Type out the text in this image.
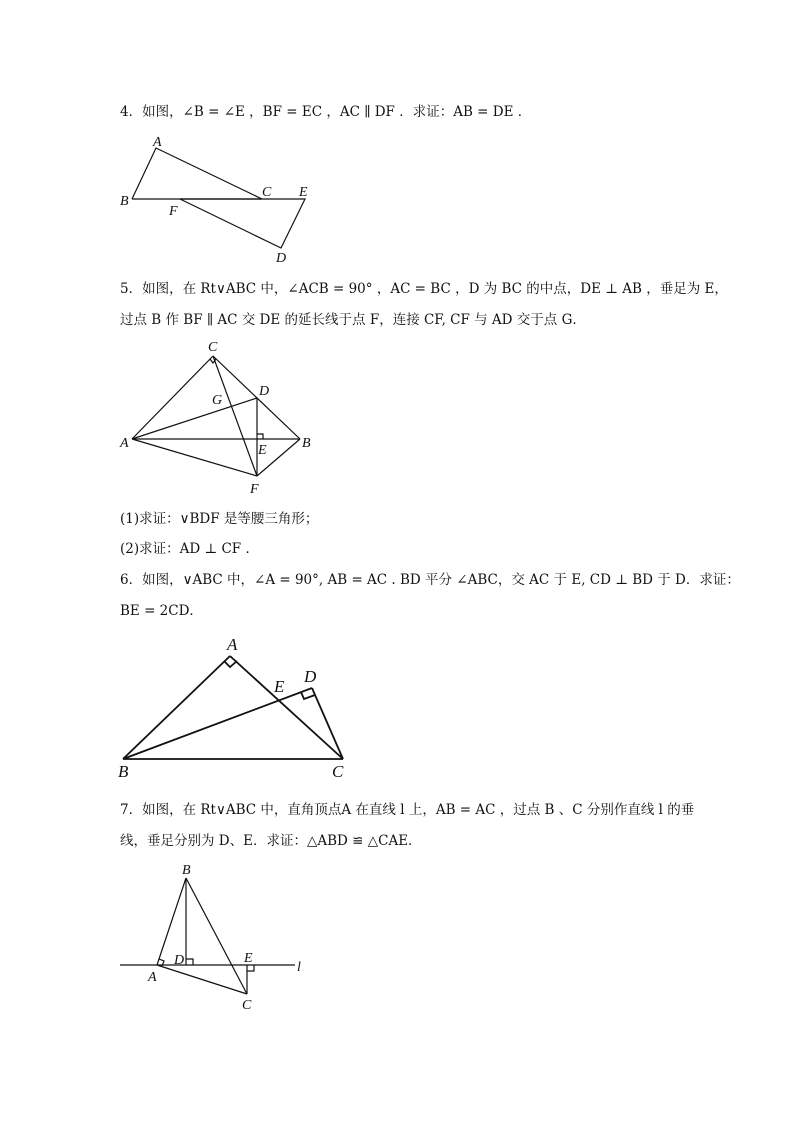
4．如图，∠B = ∠E ，BF = EC ，AC ∥ DF ．求证：AB = DE ．
A
B
C E
F
D
5．如图，在 Rt∨ABC 中，∠ACB = 90° ，AC = BC ，D 为 BC 的中点，DE ⊥ AB ，垂足为 E，
过点 B 作 BF ∥ AC 交 DE 的延长线于点 F，连接 CF, CF 与 AD 交于点 G．
C
D
G
A	B
E
F
(1)求证：∨BDF 是等腰三角形；
(2)求证：AD ⊥ CF ．
6．如图，∨ABC 中，∠A = 90°, AB = AC . BD 平分 ∠ABC，交 AC 于 E, CD ⊥ BD 于 D．求证：
BE = 2CD．
A
D
E
B	C
7．如图，在 Rt∨ABC 中，直角顶点A 在直线 l 上，AB = AC ，过点 B 、C 分别作直线 l 的垂
线，垂足分别为 D、E．求证：△ABD ≌ △CAE．
B
D	E
l
A
C
